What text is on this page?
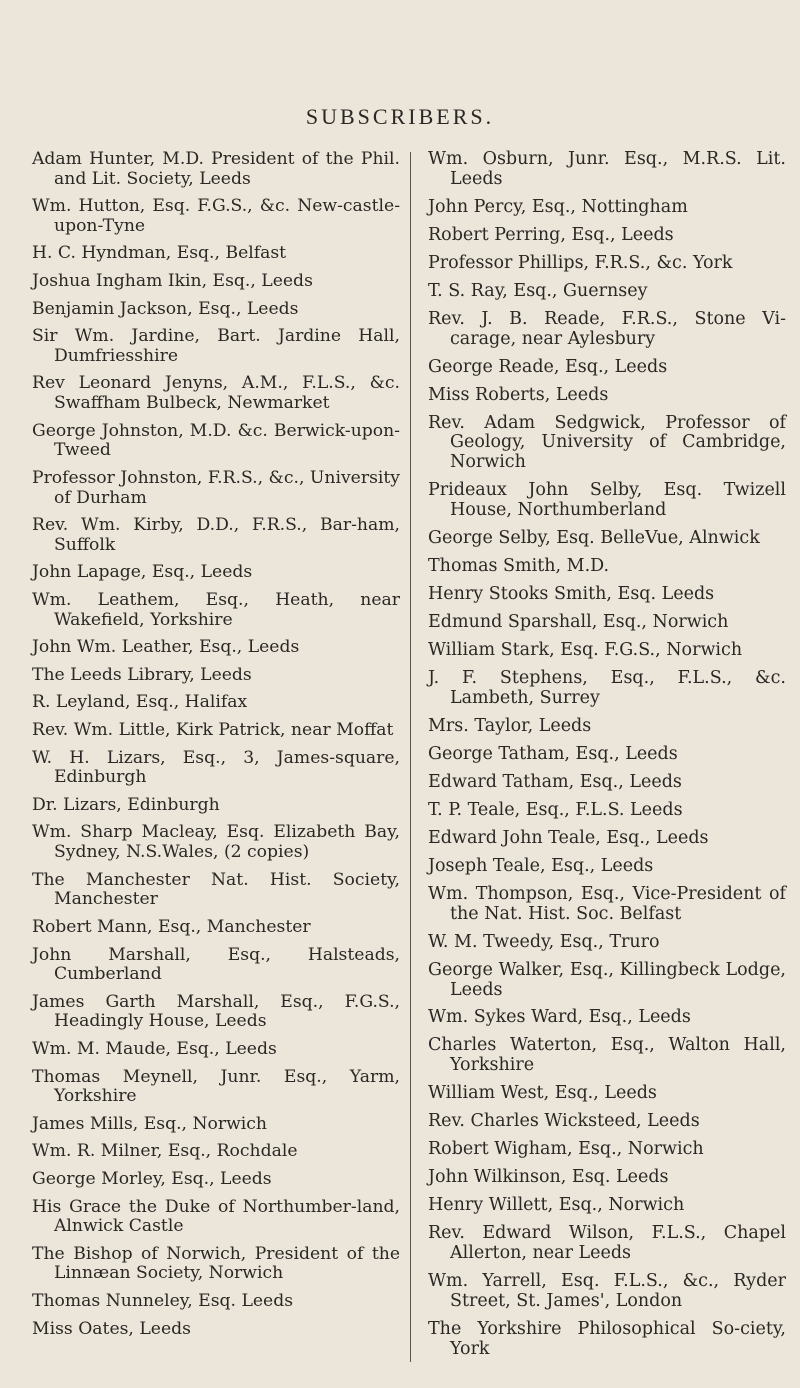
SUBSCRIBERS.

Adam Hunter, M.D. President of the Phil. and Lit. Society, Leeds

Wm. Hutton, Esq. F.G.S., &c. New-castle-upon-Tyne

H. C. Hyndman, Esq., Belfast

Joshua Ingham Ikin, Esq., Leeds

Benjamin Jackson, Esq., Leeds

Sir Wm. Jardine, Bart. Jardine Hall, Dumfriesshire

Rev Leonard Jenyns, A.M., F.L.S., &c. Swaffham Bulbeck, Newmarket

George Johnston, M.D. &c. Berwick-upon-Tweed

Professor Johnston, F.R.S., &c., University of Durham

Rev. Wm. Kirby, D.D., F.R.S., Bar-ham, Suffolk

John Lapage, Esq., Leeds

Wm. Leathem, Esq., Heath, near Wakefield, Yorkshire

John Wm. Leather, Esq., Leeds

The Leeds Library, Leeds

R. Leyland, Esq., Halifax

Rev. Wm. Little, Kirk Patrick, near Moffat

W. H. Lizars, Esq., 3, James-square, Edinburgh

Dr. Lizars, Edinburgh

Wm. Sharp Macleay, Esq. Elizabeth Bay, Sydney, N.S.Wales, (2 copies)

The Manchester Nat. Hist. Society, Manchester

Robert Mann, Esq., Manchester

John Marshall, Esq., Halsteads, Cumberland

James Garth Marshall, Esq., F.G.S., Headingly House, Leeds

Wm. M. Maude, Esq., Leeds

Thomas Meynell, Junr. Esq., Yarm, Yorkshire

James Mills, Esq., Norwich

Wm. R. Milner, Esq., Rochdale

George Morley, Esq., Leeds

His Grace the Duke of Northumber-land, Alnwick Castle

The Bishop of Norwich, President of the Linnæan Society, Norwich

Thomas Nunneley, Esq. Leeds

Miss Oates, Leeds

Wm. Osburn, Junr. Esq., M.R.S. Lit. Leeds

John Percy, Esq., Nottingham

Robert Perring, Esq., Leeds

Professor Phillips, F.R.S., &c. York

T. S. Ray, Esq., Guernsey

Rev. J. B. Reade, F.R.S., Stone Vi-carage, near Aylesbury

George Reade, Esq., Leeds

Miss Roberts, Leeds

Rev. Adam Sedgwick, Professor of Geology, University of Cambridge, Norwich

Prideaux John Selby, Esq. Twizell House, Northumberland

George Selby, Esq. BelleVue, Alnwick

Thomas Smith, M.D.

Henry Stooks Smith, Esq. Leeds

Edmund Sparshall, Esq., Norwich

William Stark, Esq. F.G.S., Norwich

J. F. Stephens, Esq., F.L.S., &c. Lambeth, Surrey

Mrs. Taylor, Leeds

George Tatham, Esq., Leeds

Edward Tatham, Esq., Leeds

T. P. Teale, Esq., F.L.S. Leeds

Edward John Teale, Esq., Leeds

Joseph Teale, Esq., Leeds

Wm. Thompson, Esq., Vice-President of the Nat. Hist. Soc. Belfast

W. M. Tweedy, Esq., Truro

George Walker, Esq., Killingbeck Lodge, Leeds

Wm. Sykes Ward, Esq., Leeds

Charles Waterton, Esq., Walton Hall, Yorkshire

William West, Esq., Leeds

Rev. Charles Wicksteed, Leeds

Robert Wigham, Esq., Norwich

John Wilkinson, Esq. Leeds

Henry Willett, Esq., Norwich

Rev. Edward Wilson, F.L.S., Chapel Allerton, near Leeds

Wm. Yarrell, Esq. F.L.S., &c., Ryder Street, St. James', London

The Yorkshire Philosophical So-ciety, York
